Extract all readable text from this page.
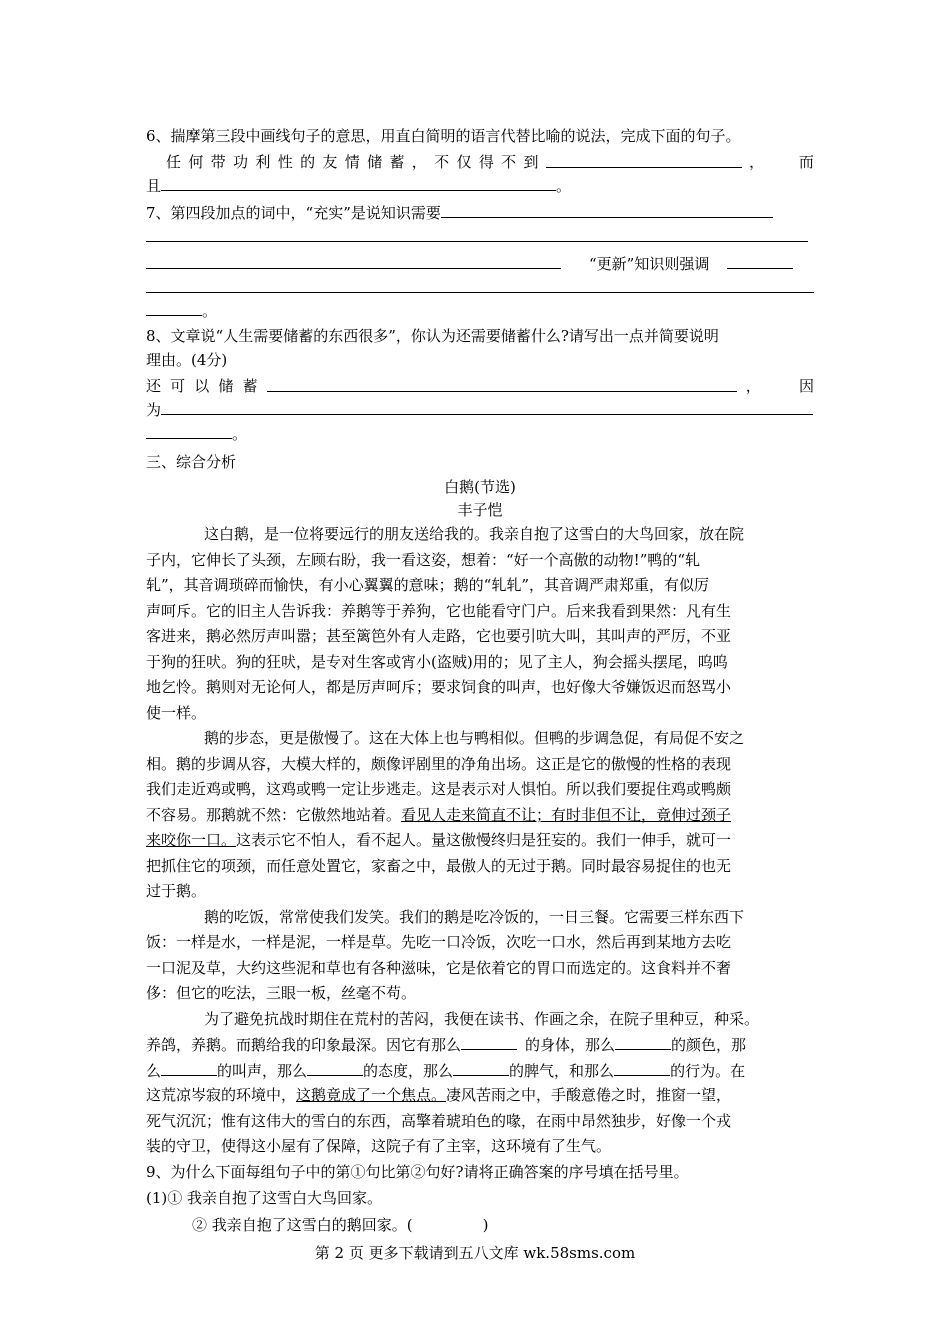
6、揣摩第三段中画线句子的意思，用直白简明的语言代替比喻的说法，完成下面的句子。
任 何 带 功 利 性 的 友 情 储 蓄 ， 不 仅 得 不 到	， 而
且	。
7、第四段加点的词中，“充实”是说知识需要
“更新”知识则强调
。
8、文章说“人生需要储蓄的东西很多”，你认为还需要储蓄什么?请写出一点并简要说明
理由。(4分)
还 可 以 储 蓄	，	因
为
。
三、综合分析
白鹅(节选)
丰子恺
这白鹅，是一位将要远行的朋友送给我的。我亲自抱了这雪白的大鸟回家，放在院
子内，它伸长了头颈，左顾右盼，我一看这姿，想着：“好一个高傲的动物!”鸭的“轧
轧”，其音调琐碎而愉快，有小心翼翼的意味；鹅的“轧轧”，其音调严肃郑重，有似厉
声呵斥。它的旧主人告诉我：养鹅等于养狗，它也能看守门户。后来我看到果然：凡有生
客进来，鹅必然厉声叫嚣；甚至篱笆外有人走路，它也要引吭大叫，其叫声的严厉，不亚
于狗的狂吠。狗的狂吠，是专对生客或宵小(盗贼)用的；见了主人，狗会摇头摆尾，呜呜
地乞怜。鹅则对无论何人，都是厉声呵斥；要求饲食的叫声，也好像大爷嫌饭迟而怒骂小
使一样。
鹅的步态，更是傲慢了。这在大体上也与鸭相似。但鸭的步调急促，有局促不安之
相。鹅的步调从容，大模大样的，颇像评剧里的净角出场。这正是它的傲慢的性格的表现
我们走近鸡或鸭，这鸡或鸭一定让步逃走。这是表示对人惧怕。所以我们要捉住鸡或鸭颇
不容易。那鹅就不然：它傲然地站着。看见人走来简直不让；有时非但不让，竟伸过颈子
来咬你一口。这表示它不怕人，看不起人。量这傲慢终归是狂妄的。我们一伸手，就可一
把抓住它的项颈，而任意处置它，家畜之中，最傲人的无过于鹅。同时最容易捉住的也无
过于鹅。
鹅的吃饭，常常使我们发笑。我们的鹅是吃冷饭的，一日三餐。它需要三样东西下
饭：一样是水，一样是泥，一样是草。先吃一口冷饭，次吃一口水，然后再到某地方去吃
一口泥及草，大约这些泥和草也有各种滋味，它是依着它的胃口而选定的。这食料并不奢
侈：但它的吃法，三眼一板，丝毫不苟。
为了避免抗战时期住在荒村的苦闷，我便在读书、作画之余，在院子里种豆，种采。
养鸽，养鹅。而鹅给我的印象最深。因它有那么	的身体，那么	的颜色，那
么	的叫声，那么	的态度，那么	的脾气，和那么	的行为。在
这荒凉岑寂的环境中，这鹅竟成了一个焦点。凄风苦雨之中，手酸意倦之时，推窗一望，
死气沉沉；惟有这伟大的雪白的东西，高擎着琥珀色的喙，在雨中昂然独步，好像一个戎
装的守卫，使得这小屋有了保障，这院子有了主宰，这环境有了生气。
9、为什么下面每组句子中的第①句比第②句好?请将正确答案的序号填在括号里。
(1)① 我亲自抱了这雪白大鸟回家。
② 我亲自抱了这雪白的鹅回家。(	)
第 2 页 更多下载请到五八文库 wk.58sms.com
